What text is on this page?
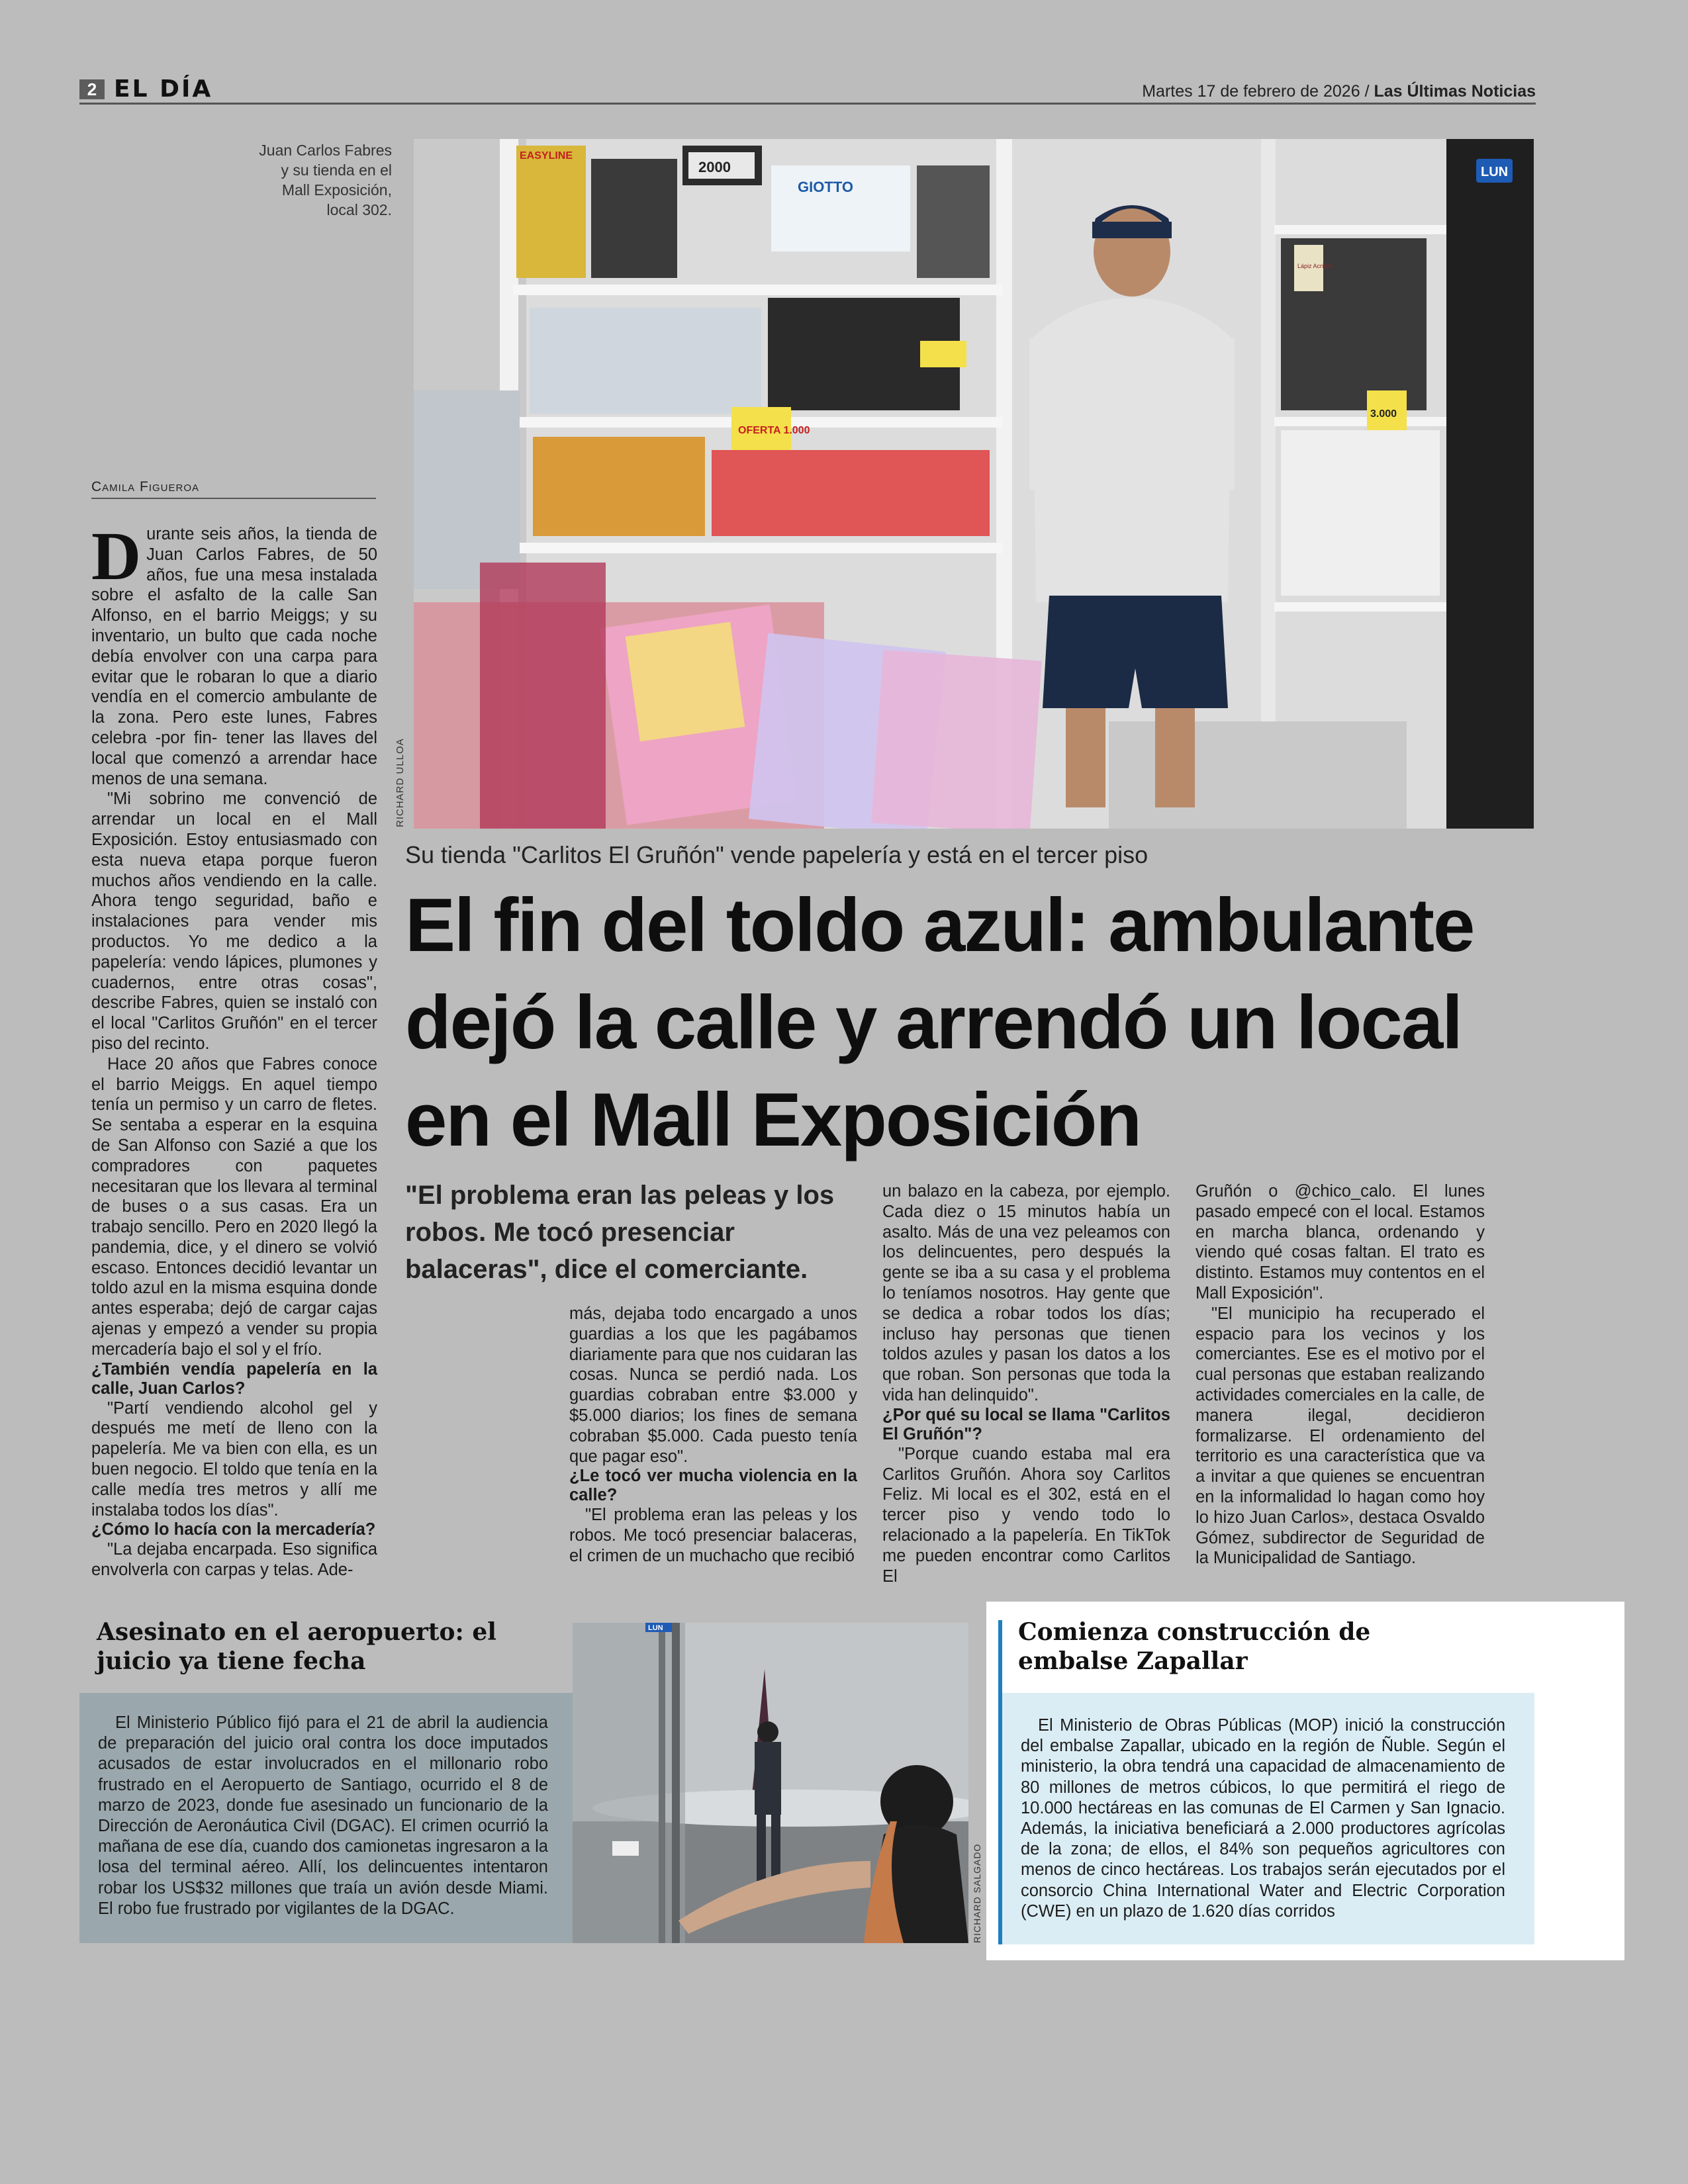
2 EL DÍA	Martes 17 de febrero de 2026 / Las Últimas Noticias
Juan Carlos Fabres y su tienda en el Mall Exposición, local 302.
2000
GIOTTO
EASYLINE
OFERTA 1.000
3.000
Lápiz Acrílico
LUN
RICHARD ULLOA
Su tienda "Carlitos El Gruñón" vende papelería y está en el tercer piso
El fin del toldo azul: ambulante dejó la calle y arrendó un local en el Mall Exposición
"El problema eran las peleas y los robos. Me tocó presenciar balaceras", dice el comerciante.
Camila Figueroa

Durante seis años, la tienda de Juan Carlos Fabres, de 50 años, fue una mesa instalada sobre el asfalto de la calle San Alfonso, en el barrio Meiggs; y su inventario, un bulto que cada noche debía envolver con una carpa para evitar que le robaran lo que a diario vendía en el comercio ambulante de la zona. Pero este lunes, Fabres celebra -por fin- tener las llaves del local que comenzó a arrendar hace menos de una semana.

"Mi sobrino me convenció de arrendar un local en el Mall Exposición. Estoy entusiasmado con esta nueva etapa porque fueron muchos años vendiendo en la calle. Ahora tengo seguridad, baño e instalaciones para vender mis productos. Yo me dedico a la papelería: vendo lápices, plumones y cuadernos, entre otras cosas", describe Fabres, quien se instaló con el local "Carlitos Gruñón" en el tercer piso del recinto.

Hace 20 años que Fabres conoce el barrio Meiggs. En aquel tiempo tenía un permiso y un carro de fletes. Se sentaba a esperar en la esquina de San Alfonso con Sazié a que los compradores con paquetes necesitaran que los llevara al terminal de buses o a sus casas. Era un trabajo sencillo. Pero en 2020 llegó la pandemia, dice, y el dinero se volvió escaso. Entonces decidió levantar un toldo azul en la misma esquina donde antes esperaba; dejó de cargar cajas ajenas y empezó a vender su propia mercadería bajo el sol y el frío.

¿También vendía papelería en la calle, Juan Carlos?

"Partí vendiendo alcohol gel y después me metí de lleno con la papelería. Me va bien con ella, es un buen negocio. El toldo que tenía en la calle medía tres metros y allí me instalaba todos los días".

¿Cómo lo hacía con la mercadería?

"La dejaba encarpada. Eso significa envolverla con carpas y telas. Ade-

más, dejaba todo encargado a unos guardias a los que les pagábamos diariamente para que nos cuidaran las cosas. Nunca se perdió nada. Los guardias cobraban entre $3.000 y $5.000 diarios; los fines de semana cobraban $5.000. Cada puesto tenía que pagar eso".

¿Le tocó ver mucha violencia en la calle?

"El problema eran las peleas y los robos. Me tocó presenciar balaceras, el crimen de un muchacho que recibió

un balazo en la cabeza, por ejemplo. Cada diez o 15 minutos había un asalto. Más de una vez peleamos con los delincuentes, pero después la gente se iba a su casa y el problema lo teníamos nosotros. Hay gente que se dedica a robar todos los días; incluso hay personas que tienen toldos azules y pasan los datos a los que roban. Son personas que toda la vida han delinquido".

¿Por qué su local se llama "Carlitos El Gruñón"?

"Porque cuando estaba mal era Carlitos Gruñón. Ahora soy Carlitos Feliz. Mi local es el 302, está en el tercer piso y vendo todo lo relacionado a la papelería. En TikTok me pueden encontrar como Carlitos El

Gruñón o @chico_calo. El lunes pasado empecé con el local. Estamos en marcha blanca, ordenando y viendo qué cosas faltan. El trato es distinto. Estamos muy contentos en el Mall Exposición".

"El municipio ha recuperado el espacio para los vecinos y los comerciantes. Ese es el motivo por el cual personas que estaban realizando actividades comerciales en la calle, de manera ilegal, decidieron formalizarse. El ordenamiento del territorio es una característica que va a invitar a que quienes se encuentran en la informalidad lo hagan como hoy lo hizo Juan Carlos», destaca Osvaldo Gómez, subdirector de Seguridad de la Municipalidad de Santiago.

Asesinato en el aeropuerto: el juicio ya tiene fecha

El Ministerio Público fijó para el 21 de abril la audiencia de preparación del juicio oral contra los doce imputados acusados de estar involucrados en el millonario robo frustrado en el Aeropuerto de Santiago, ocurrido el 8 de marzo de 2023, donde fue asesinado un funcionario de la Dirección de Aeronáutica Civil (DGAC). El crimen ocurrió la mañana de ese día, cuando dos camionetas ingresaron a la losa del terminal aéreo. Allí, los delincuentes intentaron robar los US$32 millones que traía un avión desde Miami. El robo fue frustrado por vigilantes de la DGAC.

LUN
RICHARD SALGADO
Comienza construcción de embalse Zapallar

El Ministerio de Obras Públicas (MOP) inició la construcción del embalse Zapallar, ubicado en la región de Ñuble. Según el ministerio, la obra tendrá una capacidad de almacenamiento de 80 millones de metros cúbicos, lo que permitirá el riego de 10.000 hectáreas en las comunas de El Carmen y San Ignacio. Además, la iniciativa beneficiará a 2.000 productores agrícolas de la zona; de ellos, el 84% son pequeños agricultores con menos de cinco hectáreas. Los trabajos serán ejecutados por el consorcio China International Water and Electric Corporation (CWE) en un plazo de 1.620 días corridos
